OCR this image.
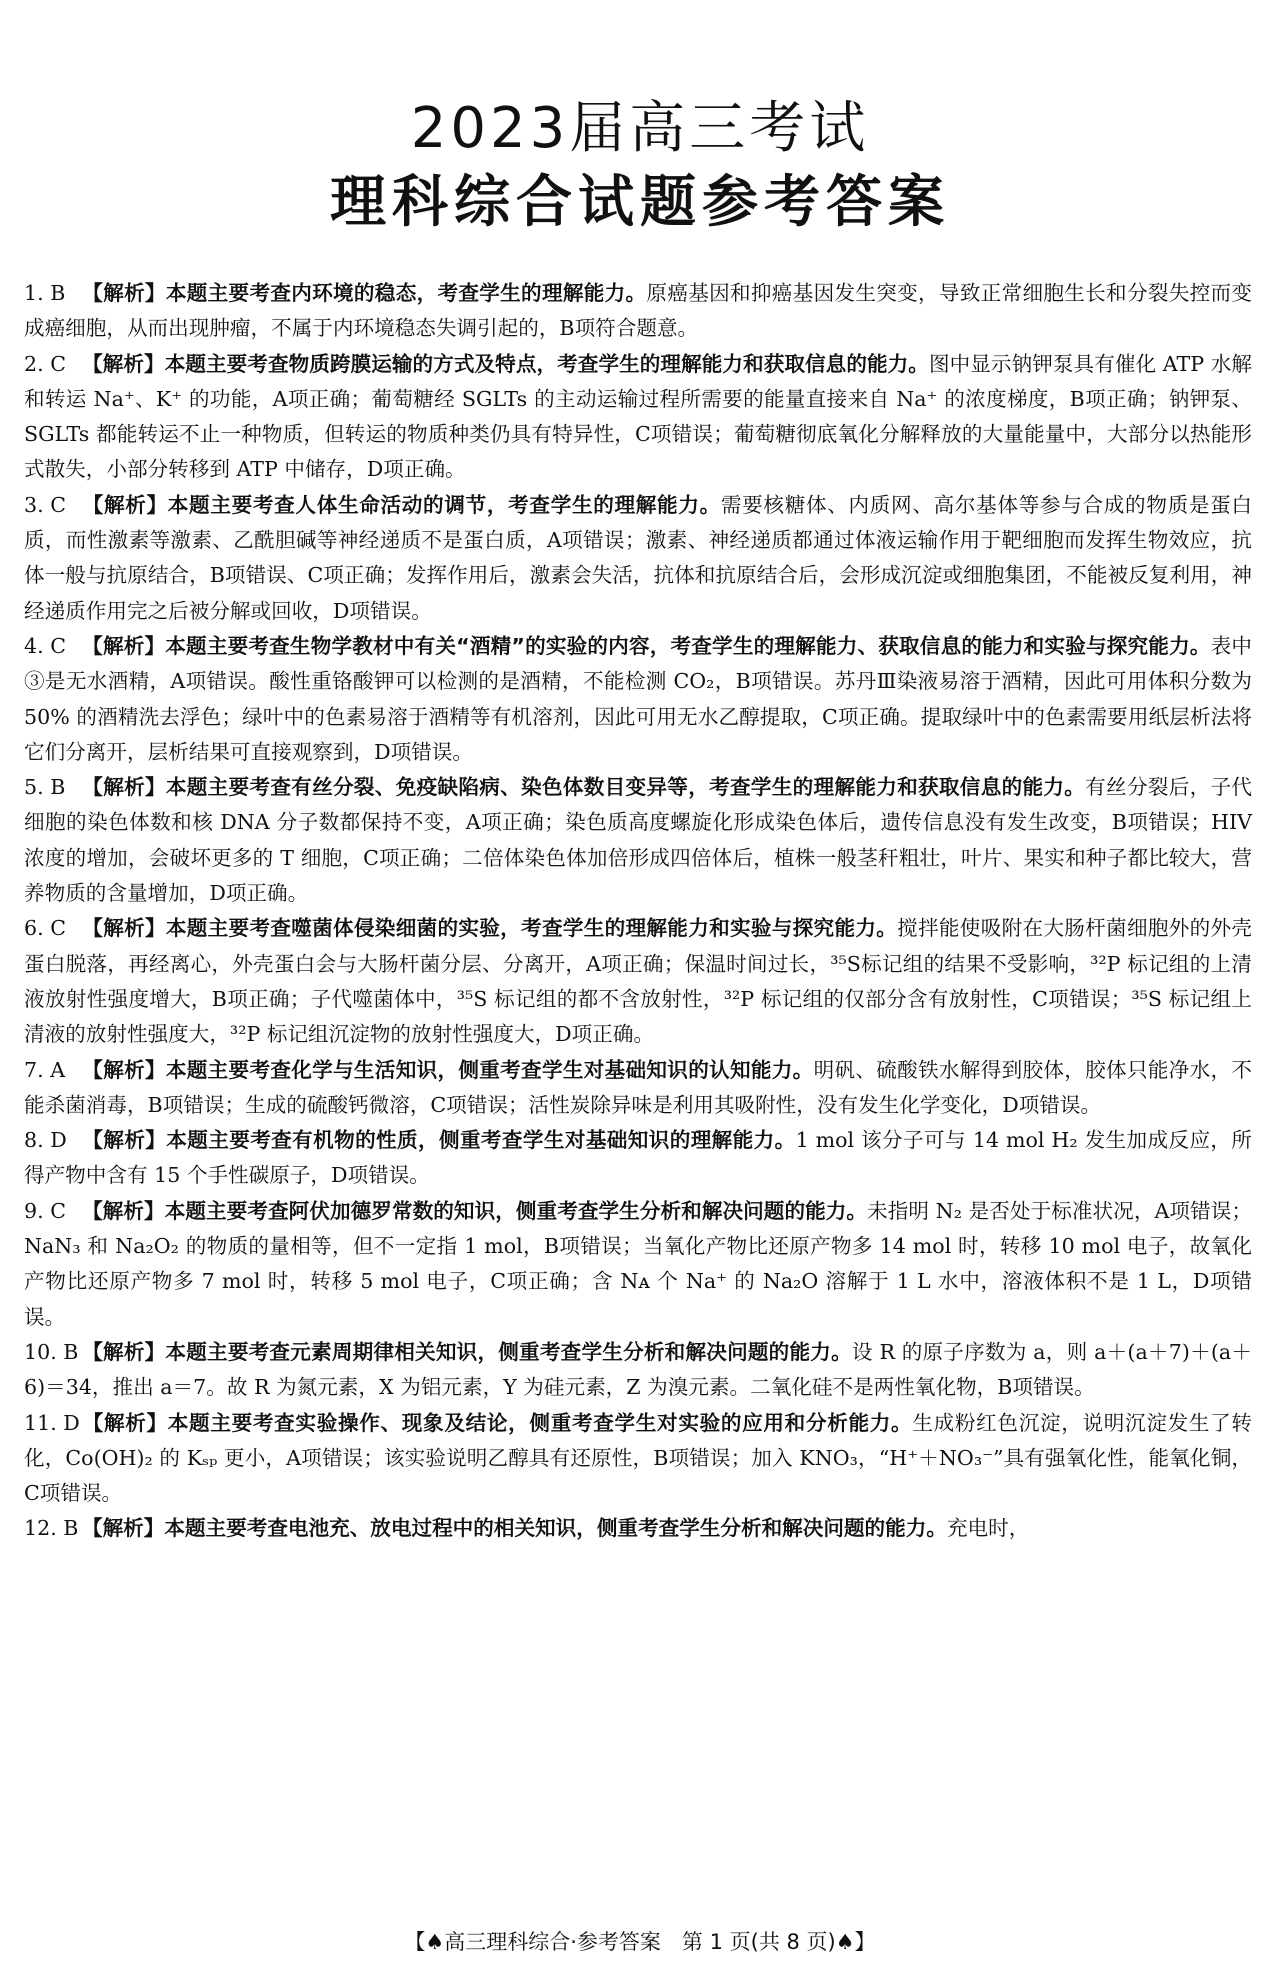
2023届高三考试
理科综合试题参考答案

1. B 【解析】本题主要考查内环境的稳态，考查学生的理解能力。原癌基因和抑癌基因发生突变，导致正常细胞生长和分裂失控而变成癌细胞，从而出现肿瘤，不属于内环境稳态失调引起的，B项符合题意。

2. C 【解析】本题主要考查物质跨膜运输的方式及特点，考查学生的理解能力和获取信息的能力。图中显示钠钾泵具有催化 ATP 水解和转运 Na⁺、K⁺ 的功能，A项正确；葡萄糖经 SGLTs 的主动运输过程所需要的能量直接来自 Na⁺ 的浓度梯度，B项正确；钠钾泵、SGLTs 都能转运不止一种物质，但转运的物质种类仍具有特异性，C项错误；葡萄糖彻底氧化分解释放的大量能量中，大部分以热能形式散失，小部分转移到 ATP 中储存，D项正确。

3. C 【解析】本题主要考查人体生命活动的调节，考查学生的理解能力。需要核糖体、内质网、高尔基体等参与合成的物质是蛋白质，而性激素等激素、乙酰胆碱等神经递质不是蛋白质，A项错误；激素、神经递质都通过体液运输作用于靶细胞而发挥生物效应，抗体一般与抗原结合，B项错误、C项正确；发挥作用后，激素会失活，抗体和抗原结合后，会形成沉淀或细胞集团，不能被反复利用，神经递质作用完之后被分解或回收，D项错误。

4. C 【解析】本题主要考查生物学教材中有关“酒精”的实验的内容，考查学生的理解能力、获取信息的能力和实验与探究能力。表中③是无水酒精，A项错误。酸性重铬酸钾可以检测的是酒精，不能检测 CO₂，B项错误。苏丹Ⅲ染液易溶于酒精，因此可用体积分数为 50% 的酒精洗去浮色；绿叶中的色素易溶于酒精等有机溶剂，因此可用无水乙醇提取，C项正确。提取绿叶中的色素需要用纸层析法将它们分离开，层析结果可直接观察到，D项错误。

5. B 【解析】本题主要考查有丝分裂、免疫缺陷病、染色体数目变异等，考查学生的理解能力和获取信息的能力。有丝分裂后，子代细胞的染色体数和核 DNA 分子数都保持不变，A项正确；染色质高度螺旋化形成染色体后，遗传信息没有发生改变，B项错误；HIV 浓度的增加，会破坏更多的 T 细胞，C项正确；二倍体染色体加倍形成四倍体后，植株一般茎秆粗壮，叶片、果实和种子都比较大，营养物质的含量增加，D项正确。

6. C 【解析】本题主要考查噬菌体侵染细菌的实验，考查学生的理解能力和实验与探究能力。搅拌能使吸附在大肠杆菌细胞外的外壳蛋白脱落，再经离心，外壳蛋白会与大肠杆菌分层、分离开，A项正确；保温时间过长，³⁵S标记组的结果不受影响，³²P 标记组的上清液放射性强度增大，B项正确；子代噬菌体中，³⁵S 标记组的都不含放射性，³²P 标记组的仅部分含有放射性，C项错误；³⁵S 标记组上清液的放射性强度大，³²P 标记组沉淀物的放射性强度大，D项正确。

7. A 【解析】本题主要考查化学与生活知识，侧重考查学生对基础知识的认知能力。明矾、硫酸铁水解得到胶体，胶体只能净水，不能杀菌消毒，B项错误；生成的硫酸钙微溶，C项错误；活性炭除异味是利用其吸附性，没有发生化学变化，D项错误。

8. D 【解析】本题主要考查有机物的性质，侧重考查学生对基础知识的理解能力。1 mol 该分子可与 14 mol H₂ 发生加成反应，所得产物中含有 15 个手性碳原子，D项错误。

9. C 【解析】本题主要考查阿伏加德罗常数的知识，侧重考查学生分析和解决问题的能力。未指明 N₂ 是否处于标准状况，A项错误；NaN₃ 和 Na₂O₂ 的物质的量相等，但不一定指 1 mol，B项错误；当氧化产物比还原产物多 14 mol 时，转移 10 mol 电子，故氧化产物比还原产物多 7 mol 时，转移 5 mol 电子，C项正确；含 Nᴀ 个 Na⁺ 的 Na₂O 溶解于 1 L 水中，溶液体积不是 1 L，D项错误。

10. B 【解析】本题主要考查元素周期律相关知识，侧重考查学生分析和解决问题的能力。设 R 的原子序数为 a，则 a＋(a＋7)＋(a＋6)＝34，推出 a＝7。故 R 为氮元素，X 为铝元素，Y 为硅元素，Z 为溴元素。二氧化硅不是两性氧化物，B项错误。

11. D 【解析】本题主要考查实验操作、现象及结论，侧重考查学生对实验的应用和分析能力。生成粉红色沉淀，说明沉淀发生了转化，Co(OH)₂ 的 Kₛₚ 更小，A项错误；该实验说明乙醇具有还原性，B项错误；加入 KNO₃，“H⁺＋NO₃⁻”具有强氧化性，能氧化铜，C项错误。

12. B 【解析】本题主要考查电池充、放电过程中的相关知识，侧重考查学生分析和解决问题的能力。充电时，

【♠高三理科综合·参考答案　第 1 页(共 8 页)♠】
